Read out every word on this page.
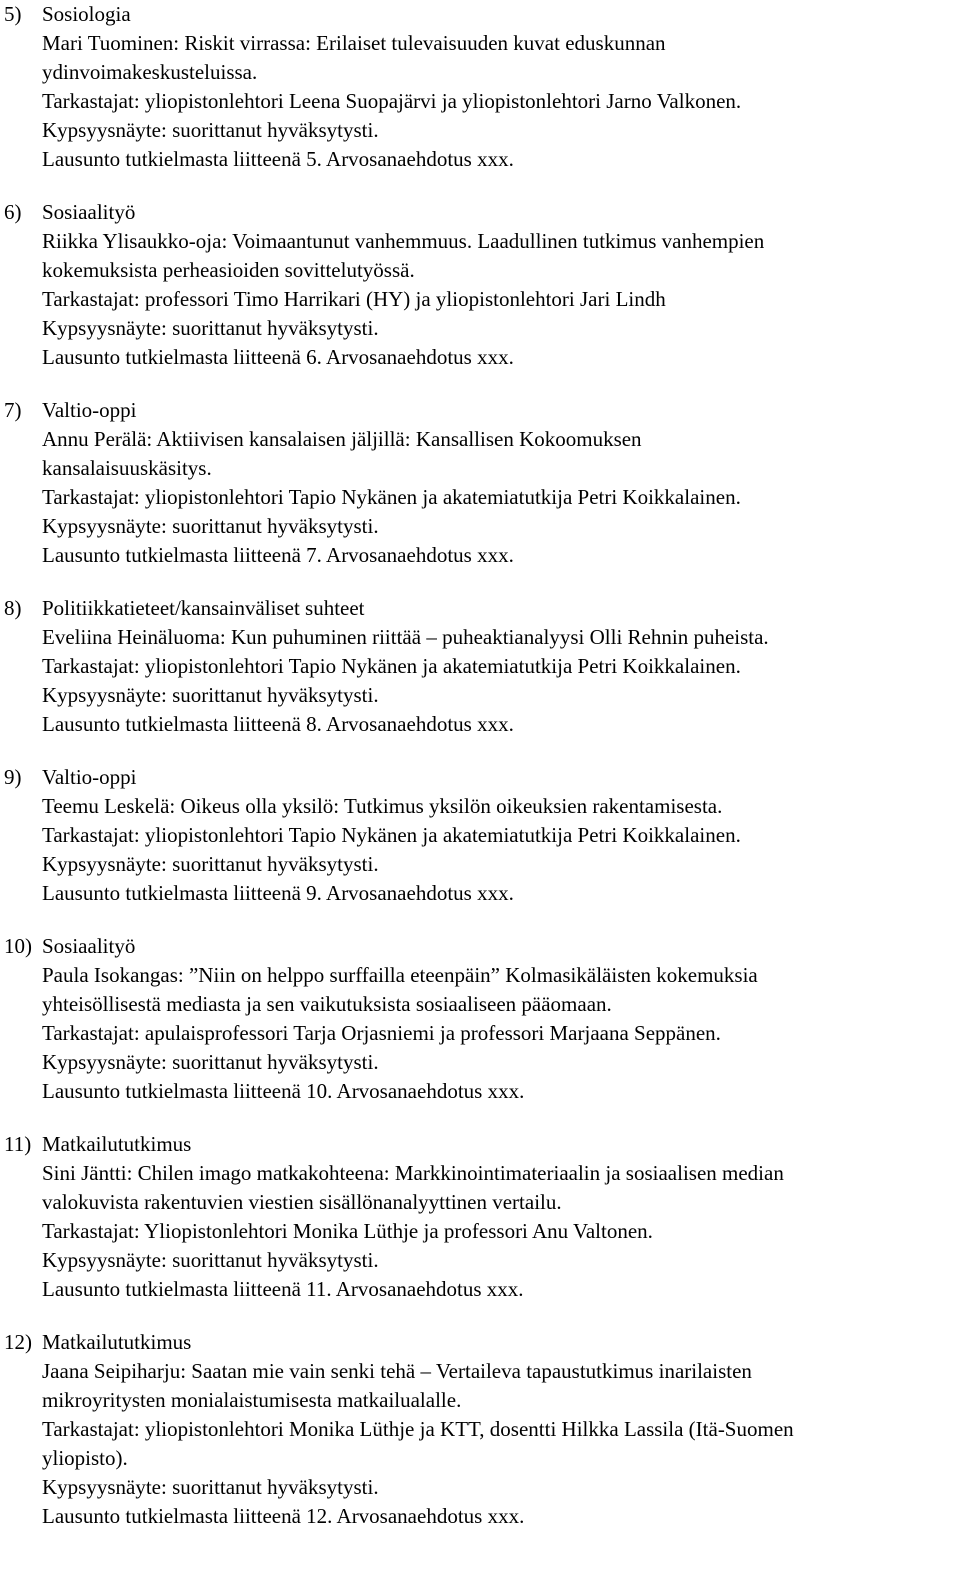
5) Sosiologia
Mari Tuominen: Riskit virrassa: Erilaiset tulevaisuuden kuvat eduskunnan
ydinvoimakeskusteluissa.
Tarkastajat: yliopistonlehtori Leena Suopajärvi ja yliopistonlehtori Jarno Valkonen.
Kypsyysnäyte: suorittanut hyväksytysti.
Lausunto tutkielmasta liitteenä 5. Arvosanaehdotus xxx.
6) Sosiaalityö
Riikka Ylisaukko-oja: Voimaantunut vanhemmuus. Laadullinen tutkimus vanhempien
kokemuksista perheasioiden sovittelutyössä.
Tarkastajat: professori Timo Harrikari (HY) ja yliopistonlehtori Jari Lindh
Kypsyysnäyte: suorittanut hyväksytysti.
Lausunto tutkielmasta liitteenä 6. Arvosanaehdotus xxx.
7) Valtio-oppi
Annu Perälä: Aktiivisen kansalaisen jäljillä: Kansallisen Kokoomuksen
kansalaisuuskäsitys.
Tarkastajat: yliopistonlehtori Tapio Nykänen ja akatemiatutkija Petri Koikkalainen.
Kypsyysnäyte: suorittanut hyväksytysti.
Lausunto tutkielmasta liitteenä 7. Arvosanaehdotus xxx.
8) Politiikkatieteet/kansainväliset suhteet
Eveliina Heinäluoma: Kun puhuminen riittää – puheaktianalyysi Olli Rehnin puheista.
Tarkastajat: yliopistonlehtori Tapio Nykänen ja akatemiatutkija Petri Koikkalainen.
Kypsyysnäyte: suorittanut hyväksytysti.
Lausunto tutkielmasta liitteenä 8. Arvosanaehdotus xxx.
9) Valtio-oppi
Teemu Leskelä: Oikeus olla yksilö: Tutkimus yksilön oikeuksien rakentamisesta.
Tarkastajat: yliopistonlehtori Tapio Nykänen ja akatemiatutkija Petri Koikkalainen.
Kypsyysnäyte: suorittanut hyväksytysti.
Lausunto tutkielmasta liitteenä 9. Arvosanaehdotus xxx.
10) Sosiaalityö
Paula Isokangas: ”Niin on helppo surffailla eteenpäin” Kolmasikäläisten kokemuksia
yhteisöllisestä mediasta ja sen vaikutuksista sosiaaliseen pääomaan.
Tarkastajat: apulaisprofessori Tarja Orjasniemi ja professori Marjaana Seppänen.
Kypsyysnäyte: suorittanut hyväksytysti.
Lausunto tutkielmasta liitteenä 10. Arvosanaehdotus xxx.
11) Matkailututkimus
Sini Jäntti: Chilen imago matkakohteena: Markkinointimateriaalin ja sosiaalisen median
valokuvista rakentuvien viestien sisällönanalyyttinen vertailu.
Tarkastajat: Yliopistonlehtori Monika Lüthje ja professori Anu Valtonen.
Kypsyysnäyte: suorittanut hyväksytysti.
Lausunto tutkielmasta liitteenä 11. Arvosanaehdotus xxx.
12) Matkailututkimus
Jaana Seipiharju: Saatan mie vain senki tehä – Vertaileva tapaustutkimus inarilaisten
mikroyritysten monialaistumisesta matkailualalle.
Tarkastajat: yliopistonlehtori Monika Lüthje ja KTT, dosentti Hilkka Lassila (Itä-Suomen
yliopisto).
Kypsyysnäyte: suorittanut hyväksytysti.
Lausunto tutkielmasta liitteenä 12. Arvosanaehdotus xxx.
